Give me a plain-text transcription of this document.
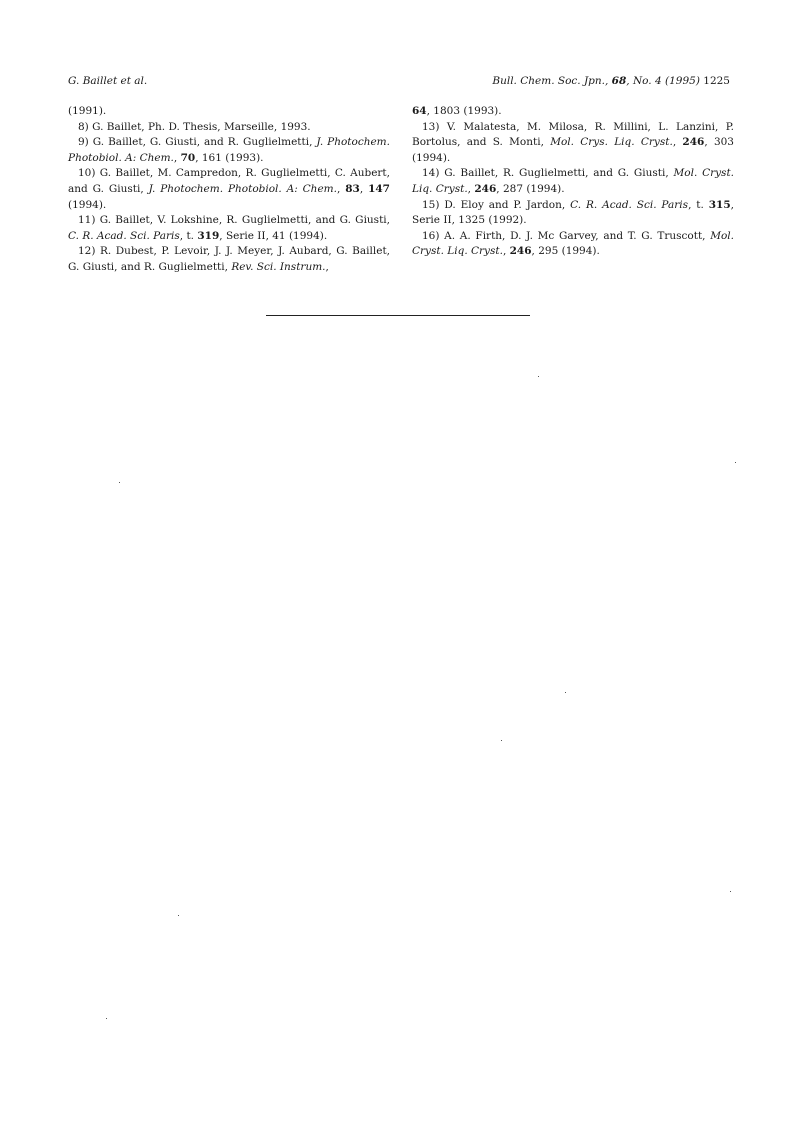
G. Baillet et al.	Bull. Chem. Soc. Jpn., 68, No. 4 (1995) 1225

(1991).

8) G. Baillet, Ph. D. Thesis, Marseille, 1993.

9) G. Baillet, G. Giusti, and R. Guglielmetti, J. Photochem. Photobiol. A: Chem., 70, 161 (1993).

10) G. Baillet, M. Campredon, R. Guglielmetti, C. Aubert, and G. Giusti, J. Photochem. Photobiol. A: Chem., 83, 147 (1994).

11) G. Baillet, V. Lokshine, R. Guglielmetti, and G. Giusti, C. R. Acad. Sci. Paris, t. 319, Serie II, 41 (1994).

12) R. Dubest, P. Levoir, J. J. Meyer, J. Aubard, G. Baillet, G. Giusti, and R. Guglielmetti, Rev. Sci. Instrum.,

64, 1803 (1993).

13) V. Malatesta, M. Milosa, R. Millini, L. Lanzini, P. Bortolus, and S. Monti, Mol. Crys. Liq. Cryst., 246, 303 (1994).

14) G. Baillet, R. Guglielmetti, and G. Giusti, Mol. Cryst. Liq. Cryst., 246, 287 (1994).

15) D. Eloy and P. Jardon, C. R. Acad. Sci. Paris, t. 315, Serie II, 1325 (1992).

16) A. A. Firth, D. J. Mc Garvey, and T. G. Truscott, Mol. Cryst. Liq. Cryst., 246, 295 (1994).
